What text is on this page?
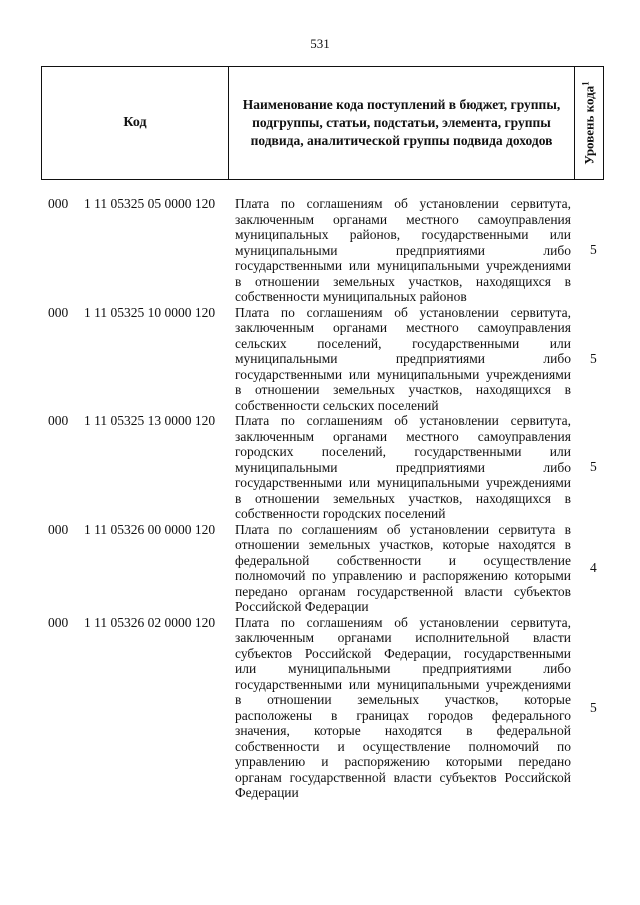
531
Код
Наименование кода поступлений в бюджет, группы, подгруппы, статьи, подстатьи, элемента, группы подвида, аналитической группы подвида доходов	Уровень кода$^1$
000 1 11 05325 05 0000 120 Плата по соглашениям об установлении сервитута,
заключенным органами местного самоуправления
муниципальных районов, государственными или
муниципальными предприятиями либо
государственными или муниципальными учреждениями
в отношении земельных участков, находящихся в
собственности муниципальных районов
5
000 1 11 05325 10 0000 120 Плата по соглашениям об установлении сервитута,
заключенным органами местного самоуправления
сельских поселений, государственными или
муниципальными предприятиями либо
государственными или муниципальными учреждениями
в отношении земельных участков, находящихся в
собственности сельских поселений
5
000 1 11 05325 13 0000 120 Плата по соглашениям об установлении сервитута,
заключенным органами местного самоуправления
городских поселений, государственными или
муниципальными предприятиями либо
государственными или муниципальными учреждениями
в отношении земельных участков, находящихся в
собственности городских поселений
5
000 1 11 05326 00 0000 120 Плата по соглашениям об установлении сервитута в
отношении земельных участков, которые находятся в
федеральной собственности и осуществление
полномочий по управлению и распоряжению которыми
передано органам государственной власти субъектов
Российской Федерации
4
000 1 11 05326 02 0000 120 Плата по соглашениям об установлении сервитута,
заключенным органами исполнительной власти
субъектов Российской Федерации, государственными
или муниципальными предприятиями либо
государственными или муниципальными учреждениями
в отношении земельных участков, которые
расположены в границах городов федерального
значения, которые находятся в федеральной
собственности и осуществление полномочий по
управлению и распоряжению которыми передано
органам государственной власти субъектов Российской
Федерации
5
